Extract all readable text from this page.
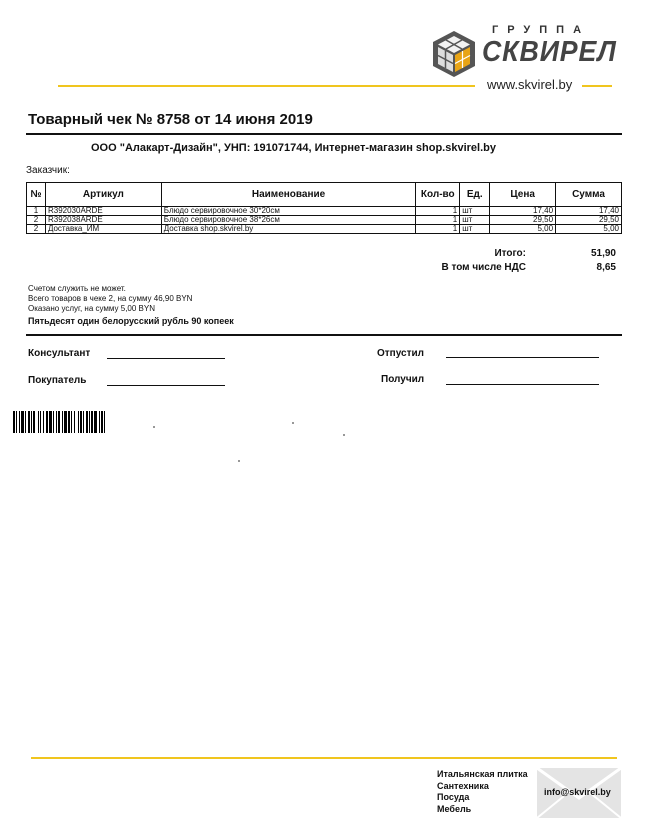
ГРУППА
СКВИРЕЛ
www.skvirel.by
Товарный чек № 8758 от 14 июня 2019
ООО "Алакарт-Дизайн", УНП: 191071744, Интернет-магазин shop.skvirel.by
Заказчик:
№	Артикул	Наименование	Кол-во	Ед.	Цена	Сумма
1	R392030ARDE	Блюдо сервировочное 30*20см	1	шт	17,40	17,40
2	R392038ARDE	Блюдо сервировочное 38*26см	1	шт	29,50	29,50
2	Доставка_ИМ	Доставка shop.skvirel.by	1	шт	5,00	5,00
Итого:	51,90
В том числе НДС	8,65
Счетом служить не может.
Всего товаров в чеке 2, на сумму 46,90 BYN
Оказано услуг, на сумму 5,00 BYN
Пятьдесят один белорусский рубль 90 копеек
Консультант	Отпустил
Покупатель	Получил
Итальянская плитка
Сантехника
Посуда
Мебель
info@skvirel.by
